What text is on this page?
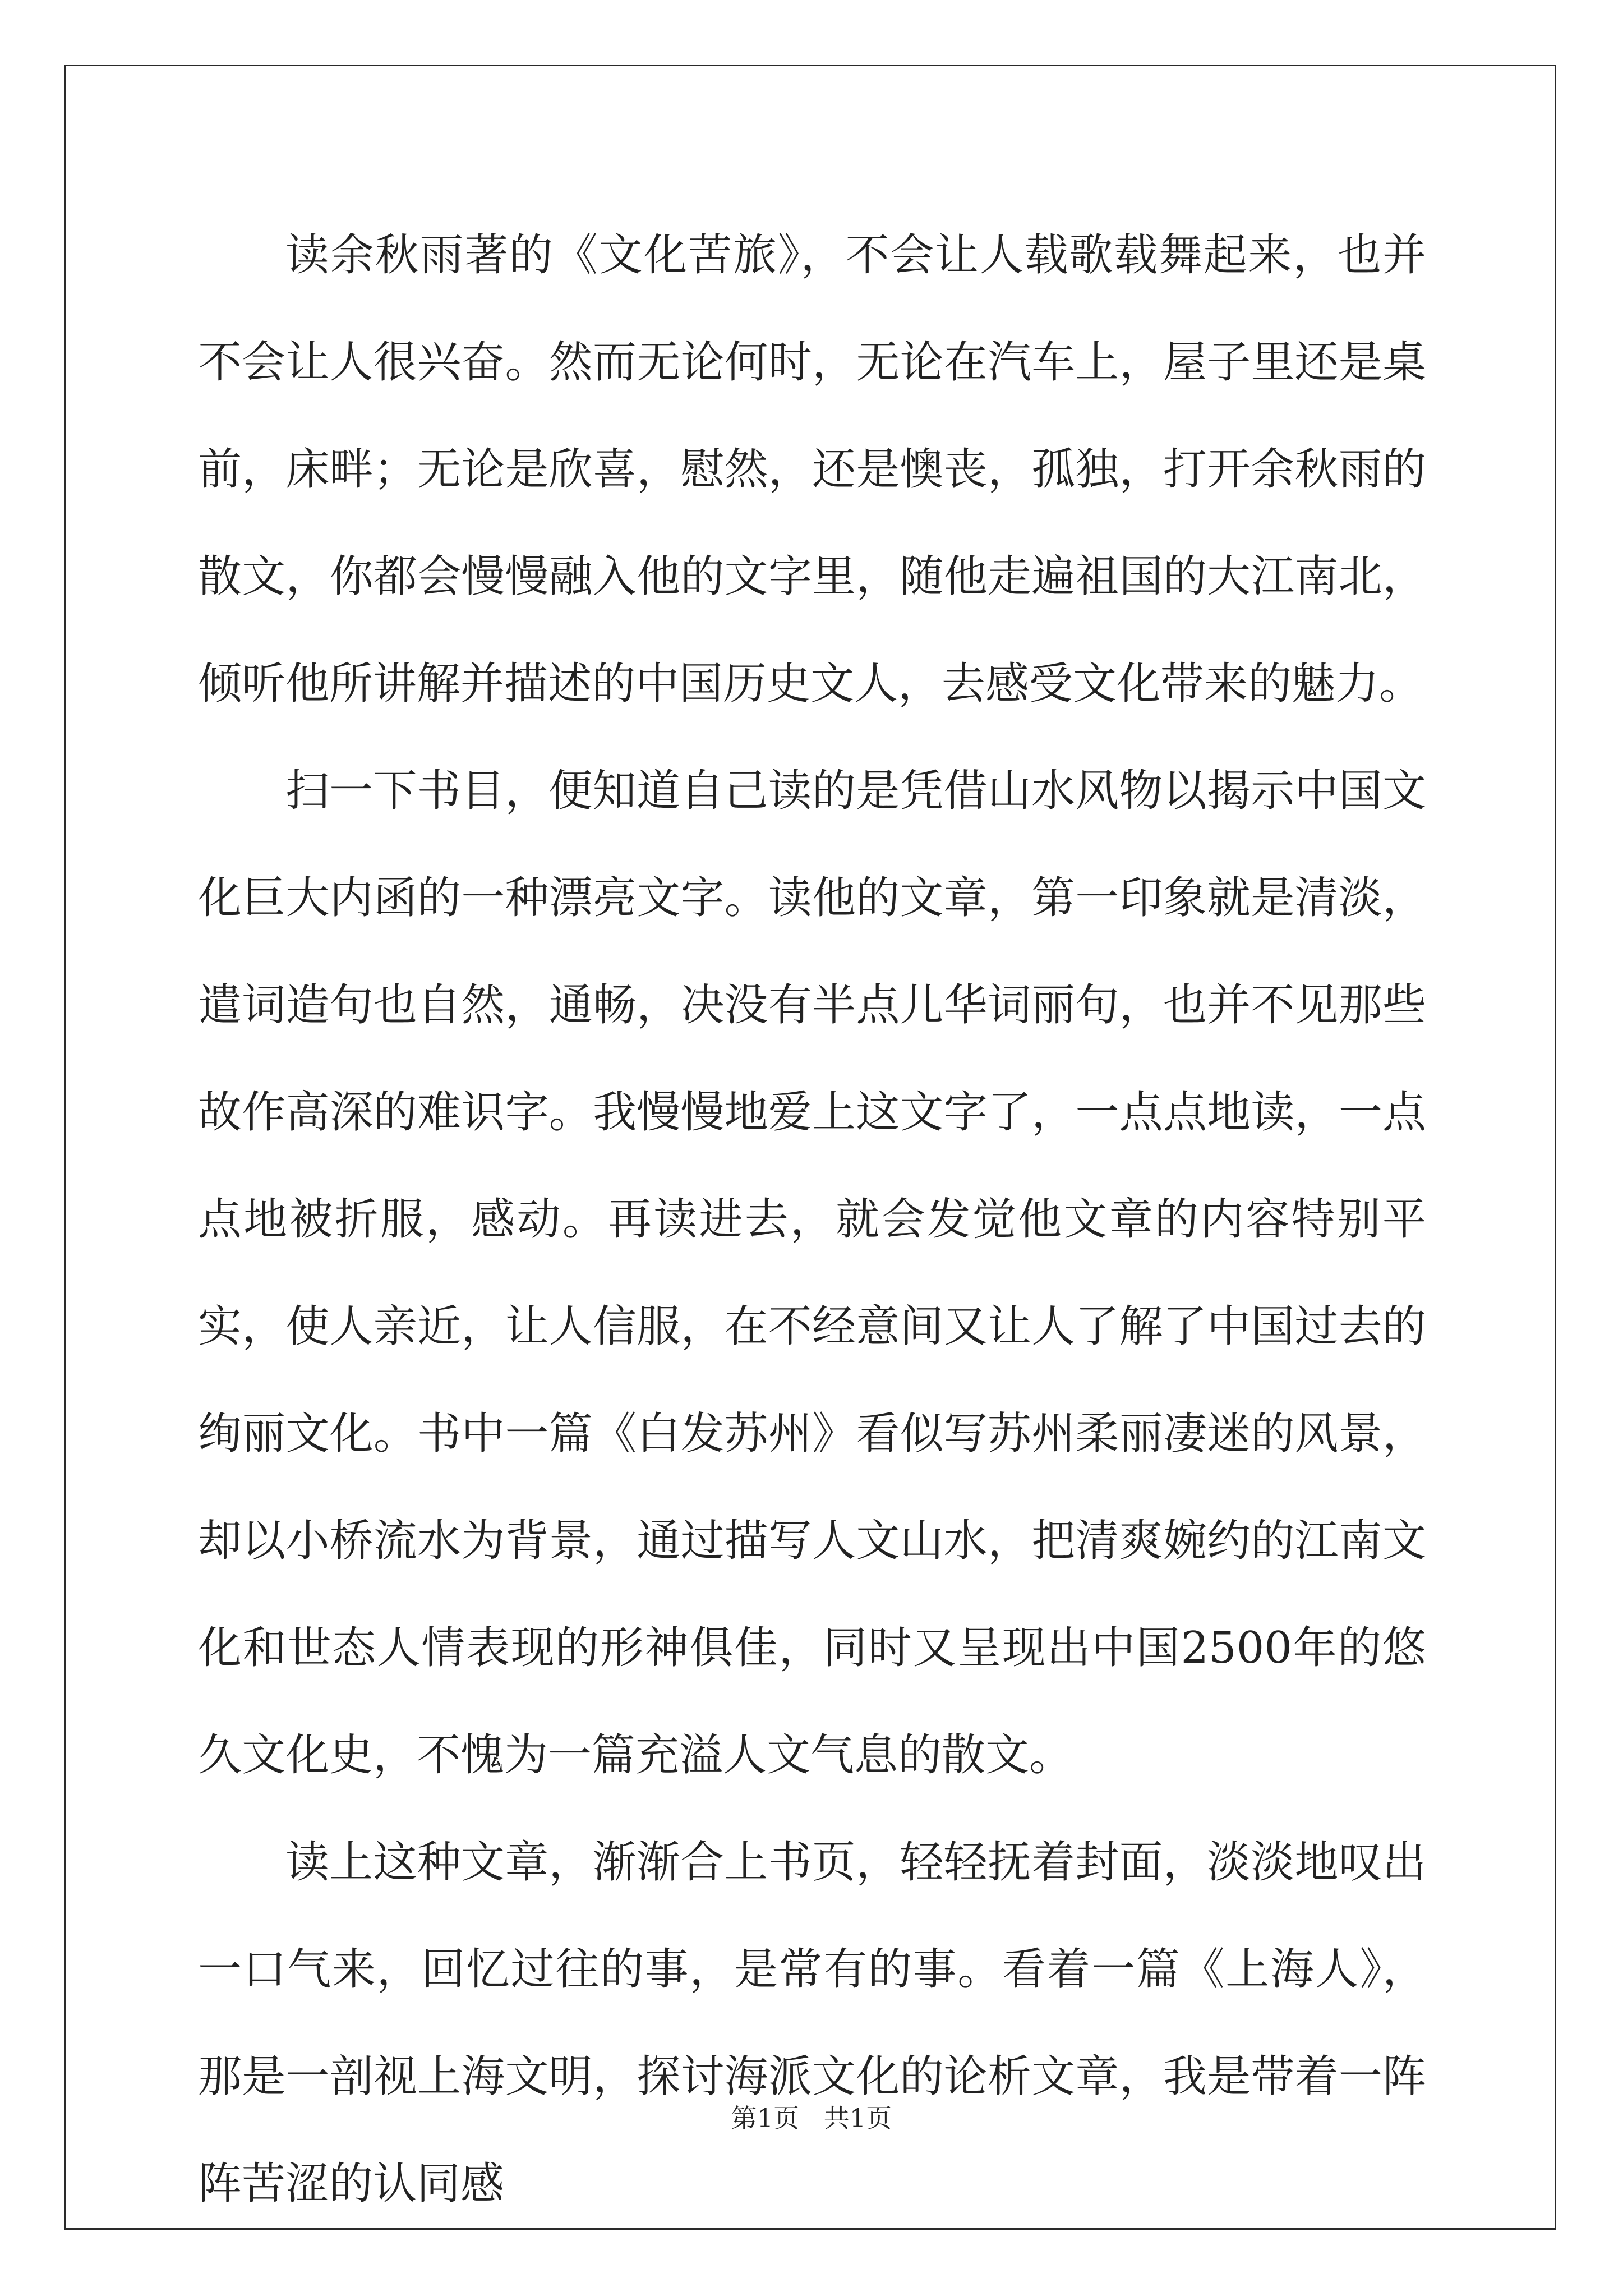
读余秋雨著的《文化苦旅》，不会让人载歌载舞起来，也并不会让人很兴奋。然而无论何时，无论在汽车上，屋子里还是桌前，床畔；无论是欣喜，慰然，还是懊丧，孤独，打开余秋雨的散文，你都会慢慢融入他的文字里，随他走遍祖国的大江南北，倾听他所讲解并描述的中国历史文人，去感受文化带来的魅力。

扫一下书目，便知道自己读的是凭借山水风物以揭示中国文化巨大内函的一种漂亮文字。读他的文章，第一印象就是清淡，遣词造句也自然，通畅，决没有半点儿华词丽句，也并不见那些故作高深的难识字。我慢慢地爱上这文字了，一点点地读，一点点地被折服，感动。再读进去，就会发觉他文章的内容特别平实，使人亲近，让人信服，在不经意间又让人了解了中国过去的绚丽文化。书中一篇《白发苏州》看似写苏州柔丽凄迷的风景，却以小桥流水为背景，通过描写人文山水，把清爽婉约的江南文化和世态人情表现的形神俱佳，同时又呈现出中国2500年的悠久文化史，不愧为一篇充溢人文气息的散文。

读上这种文章，渐渐合上书页，轻轻抚着封面，淡淡地叹出一口气来，回忆过往的事，是常有的事。看着一篇《上海人》，那是一剖视上海文明，探讨海派文化的论析文章，我是带着一阵阵苦涩的认同感

第1页   共1页
